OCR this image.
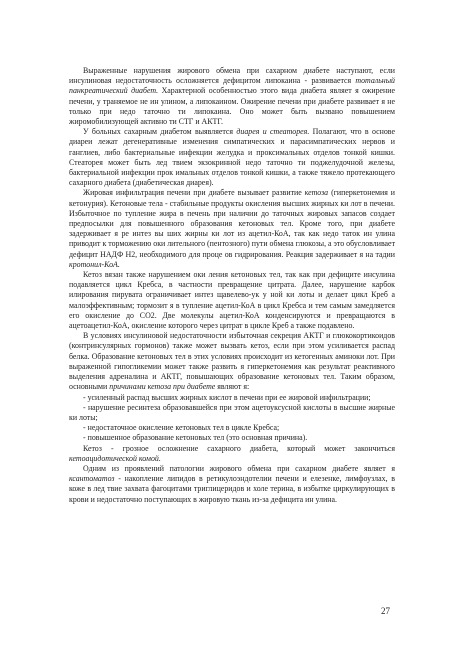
Выраженные нарушения жирового обмена при сахарном диабете наступают, если инсулиновая недостаточность осложняется дефицитом липокаина - развивается тотальный панкреатический диабет. Характерной особенностью этого вида диабета являет я ожирение печени, у траняемое не ин улином, а липокаином. Ожирение печени при диабете развивает я не только при недо таточно ти липокаина. Оно может быть вызвано повышением жиромобилизующей активно ти СТГ и АКТГ.

У больных сахарным диабетом выявляется диарея и стеаторея. Полагают, что в основе диареи лежат дегенеративные изменения симпатических и парасимпатических нервов и ганглиев, либо бактериальные инфекции желудка и проксимальных отделов тонкой кишки. Стеаторея может быть лед твием экзокринной недо таточно ти поджелудочной железы, бактериальной инфекции прок имальных отделов тонкой кишки, а также тяжело протекающего сахарного диабета (диабетическая диарея).

Жировая инфильтрация печени при диабете вызывает развитие кетоза (гиперкетонемия и кетонурия). Кетоновые тела - стабильные продукты окисления высших жирных ки лот в печени. Избыточное по тупление жира в печень при наличии до таточных жировых запасов создает предпосылки для повышенного образования кетоновых тел. Кроме того, при диабете задерживает я ре интез вы ших жирны ки лот из ацетил-КоА, так как недо таток ин улина приводит к торможению оки лительного (пентозного) пути обмена глюкозы, а это обусловливает дефицит НАДФ Н2, необходимого для проце ов гидрирования. Реакция задерживает я на тадии кротонил-КоА.

Кетоз вязан также нарушением оки ления кетоновых тел, так как при дефиците инсулина подавляется цикл Кребса, в частности превращение цитрата. Далее, нарушение карбок илирования пирувата ограничивает интез щавелево-ук у ной ки лоты и делает цикл Креб а малоэффективным; тормозит я в тупление ацетил-КоА в цикл Кребса и тем самым замедляется его окисление до СО2. Две молекулы ацетил-КоА конденсируются и превращаются в ацетоацетил-КоА, окисление которого через цитрат в цикле Креб а также подавлено.

В условиях инсулиновой недостаточности избыточная секреция АКТГ и глюкокортикоидов (контринсулярных гормонов) также может вызвать кетоз, если при этом усиливается распад белка. Образование кетоновых тел в этих условиях происходит из кетогенных аминоки лот. При выраженной гипогликемии может также развить я гиперкетонемия как результат реактивного выделения адреналина и АКТГ, повышающих образование кетоновых тел. Таким образом, основными причинами кетоза при диабете являют я:

- усиленный распад высших жирных кислот в печени при ее жировой инфильтрации;

- нарушение ресинтеза образовавшейся при этом ацетоуксусной кислоты в высшие жирные ки лоты;

- недостаточное окисление кетоновых тел в цикле Кребса;

- повышенное образование кетоновых тел (это основная причина).

Кетоз - грозное осложнение сахарного диабета, который может закончиться кетоацидотической комой.

Одним из проявлений патологии жирового обмена при сахарном диабете являет я ксантоматоз - накопление липидов в ретикулоэндотелии печени и елезенке, лимфоузлах, в коже в лед твие захвата фагоцитами триглицеридов и холе терина, в избытке циркулирующих в крови и недостаточно поступающих в жировую ткань из-за дефицита ин улина.

27
